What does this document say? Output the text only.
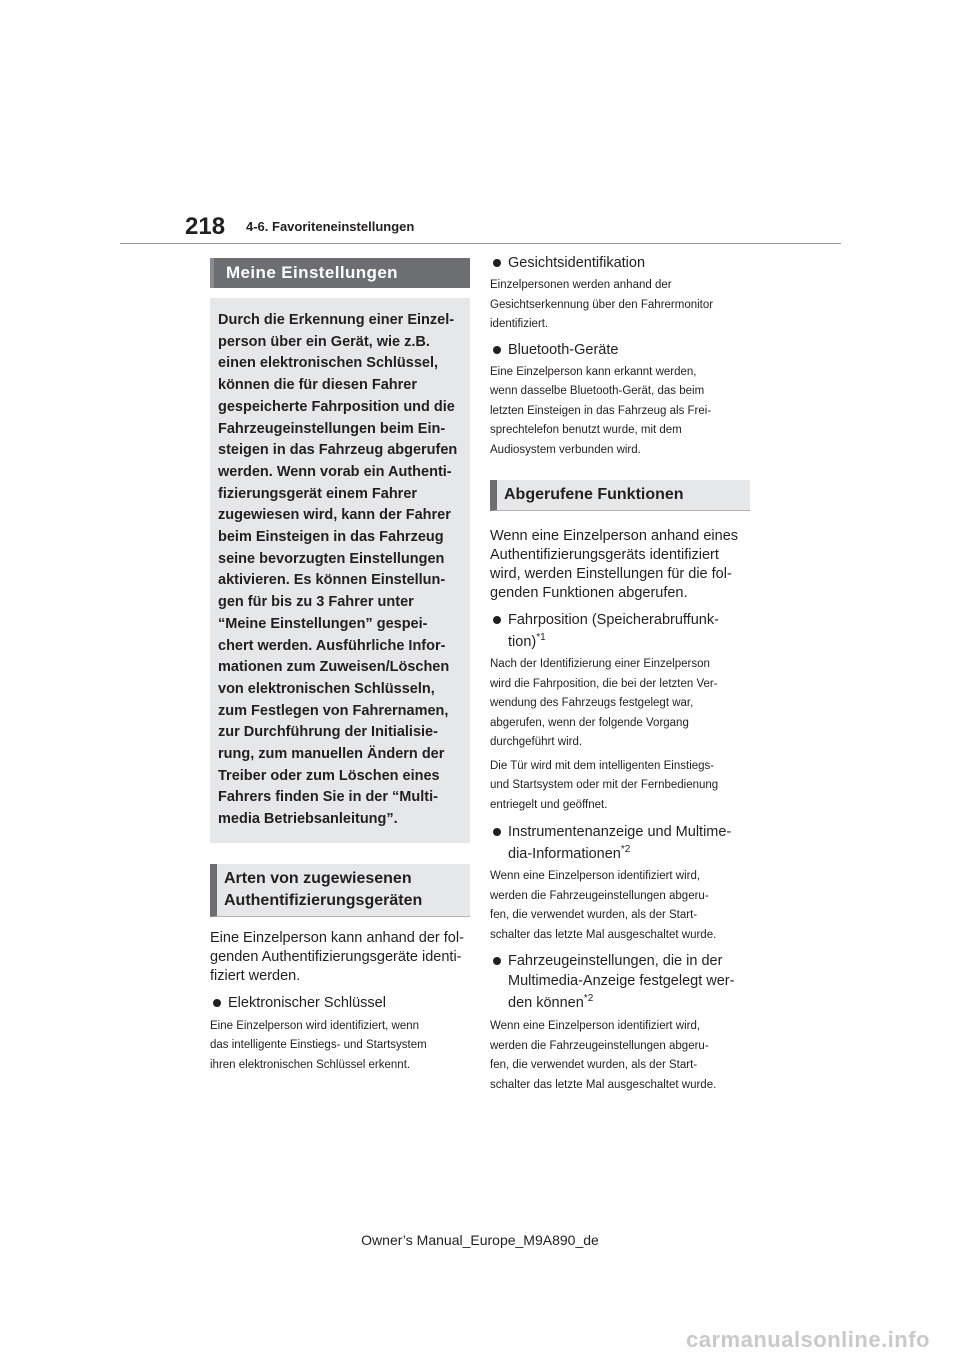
218 4-6. Favoriteneinstellungen
Meine Einstellungen
Durch die Erkennung einer Einzel-
person über ein Gerät, wie z.B.
einen elektronischen Schlüssel,
können die für diesen Fahrer
gespeicherte Fahrposition und die
Fahrzeugeinstellungen beim Ein-
steigen in das Fahrzeug abgerufen
werden. Wenn vorab ein Authenti-
fizierungsgerät einem Fahrer
zugewiesen wird, kann der Fahrer
beim Einsteigen in das Fahrzeug
seine bevorzugten Einstellungen
aktivieren. Es können Einstellun-
gen für bis zu 3 Fahrer unter
“Meine Einstellungen” gespei-
chert werden. Ausführliche Infor-
mationen zum Zuweisen/Löschen
von elektronischen Schlüsseln,
zum Festlegen von Fahrernamen,
zur Durchführung der Initialisie-
rung, zum manuellen Ändern der
Treiber oder zum Löschen eines
Fahrers finden Sie in der “Multi-
media Betriebsanleitung”.
Arten von zugewiesenen
Authentifizierungsgeräten
Eine Einzelperson kann anhand der fol-
genden Authentifizierungsgeräte identi-
fiziert werden.
Elektronischer Schlüssel
Eine Einzelperson wird identifiziert, wenn
das intelligente Einstiegs- und Startsystem
ihren elektronischen Schlüssel erkennt.
Gesichtsidentifikation
Einzelpersonen werden anhand der
Gesichtserkennung über den Fahrermonitor
identifiziert.
Bluetooth-Geräte
Eine Einzelperson kann erkannt werden,
wenn dasselbe Bluetooth-Gerät, das beim
letzten Einsteigen in das Fahrzeug als Frei-
sprechtelefon benutzt wurde, mit dem
Audiosystem verbunden wird.
Abgerufene Funktionen
Wenn eine Einzelperson anhand eines
Authentifizierungsgeräts identifiziert
wird, werden Einstellungen für die fol-
genden Funktionen abgerufen.
Fahrposition (Speicherabruffunk-
tion)$^{*1}$
Nach der Identifizierung einer Einzelperson
wird die Fahrposition, die bei der letzten Ver-
wendung des Fahrzeugs festgelegt war,
abgerufen, wenn der folgende Vorgang
durchgeführt wird.
Die Tür wird mit dem intelligenten Einstiegs-
und Startsystem oder mit der Fernbedienung
entriegelt und geöffnet.
Instrumentenanzeige und Multime-
dia-Informationen$^{*2}$
Wenn eine Einzelperson identifiziert wird,
werden die Fahrzeugeinstellungen abgeru-
fen, die verwendet wurden, als der Start-
schalter das letzte Mal ausgeschaltet wurde.
Fahrzeugeinstellungen, die in der
Multimedia-Anzeige festgelegt wer-
den können$^{*2}$
Wenn eine Einzelperson identifiziert wird,
werden die Fahrzeugeinstellungen abgeru-
fen, die verwendet wurden, als der Start-
schalter das letzte Mal ausgeschaltet wurde.
Owner’s Manual_Europe_M9A890_de
carmanualsonline.info
